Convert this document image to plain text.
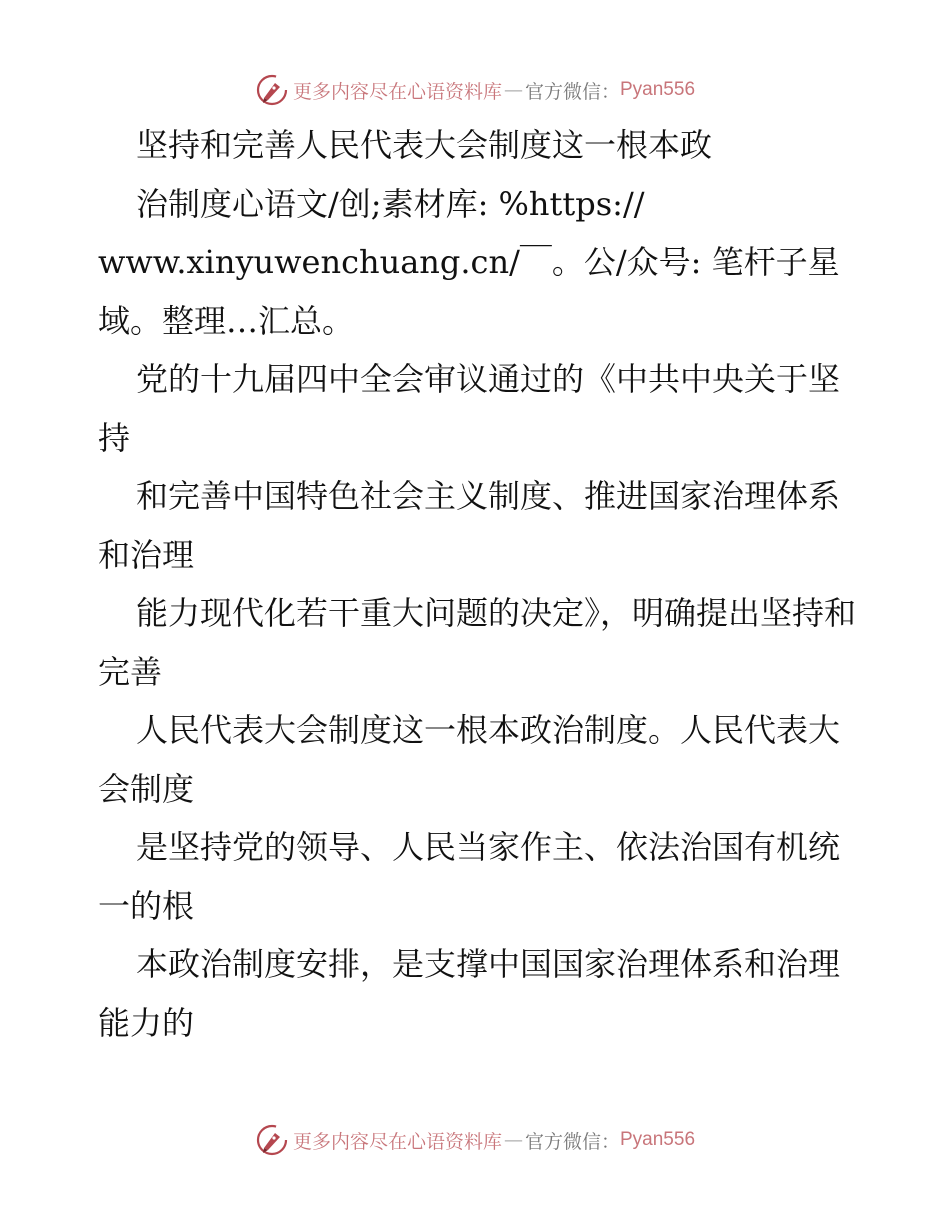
更多内容尽在心语资料库 — 官方微信： Pyan556

坚持和完善人民代表大会制度这一根本政

治制度心语文/创;素材库: %https://

www.xinyuwenchuang.cn/￣。公/众号: 笔杆子星域。整理…汇总。

党的十九届四中全会审议通过的《中共中央关于坚持

和完善中国特色社会主义制度、推进国家治理体系和治理

能力现代化若干重大问题的决定》，明确提出坚持和完善

人民代表大会制度这一根本政治制度。人民代表大会制度

是坚持党的领导、人民当家作主、依法治国有机统一的根

本政治制度安排，是支撑中国国家治理体系和治理能力的

更多内容尽在心语资料库 — 官方微信： Pyan556
